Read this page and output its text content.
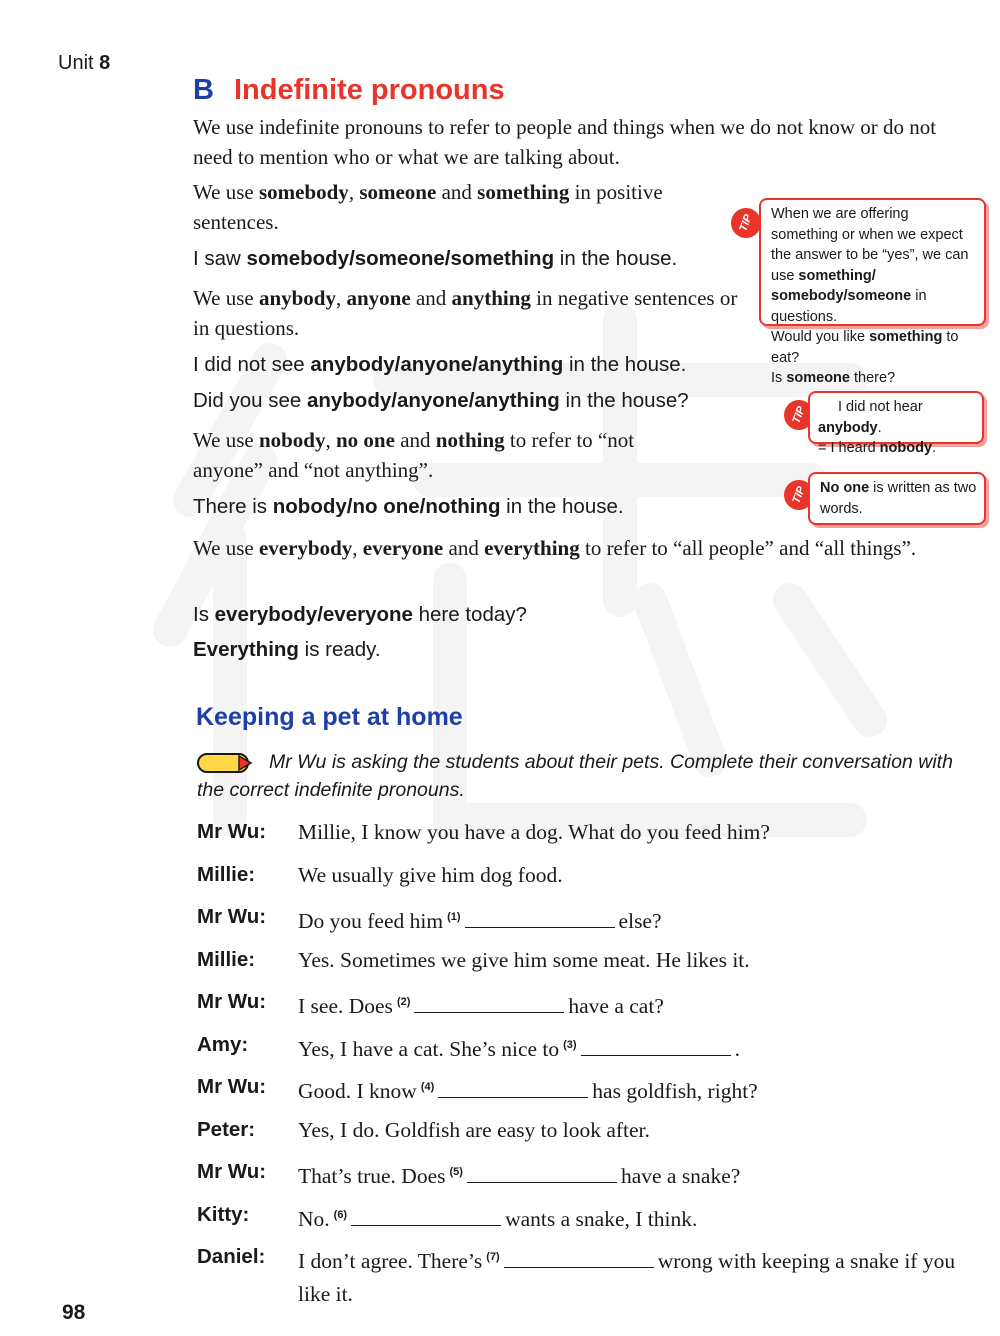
Unit 8
B Indefinite pronouns
We use indefinite pronouns to refer to people and things when we do not know or do not need to mention who or what we are talking about.
We use somebody, someone and something in positive sentences.
I saw somebody/someone/something in the house.
We use anybody, anyone and anything in negative sentences or in questions.
I did not see anybody/anyone/anything in the house.
Did you see anybody/anyone/anything in the house?
We use nobody, no one and nothing to refer to “not anyone” and “not anything”.
There is nobody/no one/nothing in the house.
We use everybody, everyone and everything to refer to “all people” and “all things”.
Is everybody/everyone here today?
Everything is ready.
TIP	When we are offering something or when we expect the answer to be “yes”, we can use something/ somebody/someone in questions.
Would you like something to eat?
Is someone there?
TIP	I did not hear anybody.
= I heard nobody.
TIP No one is written as two words.
Keeping a pet at home
Mr Wu is asking the students about their pets. Complete their conversation with the correct indefinite pronouns.
Mr Wu: Millie, I know you have a dog. What do you feed him?
Millie: We usually give him dog food.
Mr Wu: Do you feed him $^{(1)}$	else?
Millie: Yes. Sometimes we give him some meat. He likes it.
Mr Wu: I see. Does $^{(2)}$	have a cat?
Amy: Yes, I have a cat. She’s nice to $^{(3)}$	.
Mr Wu: Good. I know $^{(4)}$	has goldfish, right?
Peter: Yes, I do. Goldfish are easy to look after.
Mr Wu: That’s true. Does $^{(5)}$	have a snake?
Kitty: No. $^{(6)}$	wants a snake, I think.
Daniel: I don’t agree. There’s $^{(7)}$	wrong with keeping a snake if you like it.
98
